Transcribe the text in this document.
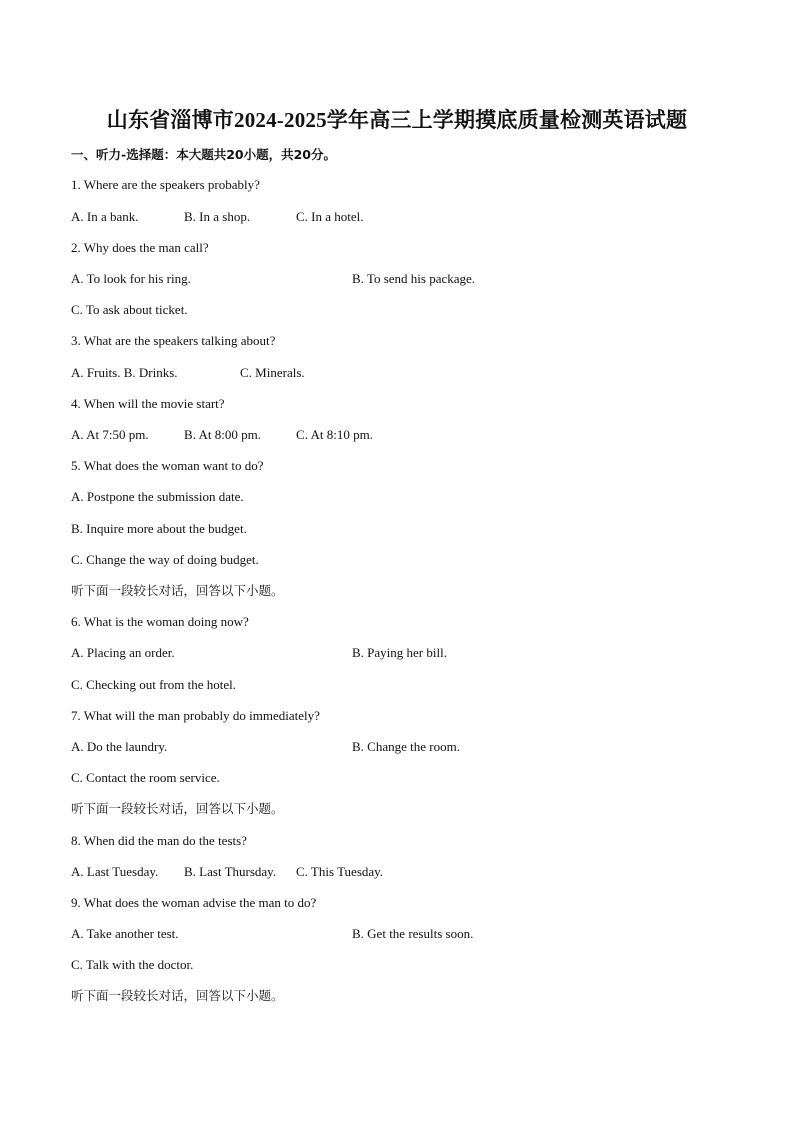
山东省淄博市2024-2025学年高三上学期摸底质量检测英语试题
一、听力-选择题：本大题共20小题，共20分。
1. Where are the speakers probably?
A. In a bank.	B. In a shop.	C. In a hotel.
2. Why does the man call?
A. To look for his ring.	B. To send his package.
C. To ask about ticket.
3. What are the speakers talking about?
A. Fruits. B. Drinks.	C. Minerals.
4. When will the movie start?
A. At 7:50 pm.	B. At 8:00 pm.	C. At 8:10 pm.
5. What does the woman want to do?
A. Postpone the submission date.
B. Inquire more about the budget.
C. Change the way of doing budget.
听下面一段较长对话，回答以下小题。
6. What is the woman doing now?
A. Placing an order.	B. Paying her bill.
C. Checking out from the hotel.
7. What will the man probably do immediately?
A. Do the laundry.	B. Change the room.
C. Contact the room service.
听下面一段较长对话，回答以下小题。
8. When did the man do the tests?
A. Last Tuesday. B. Last Thursday. C. This Tuesday.
9. What does the woman advise the man to do?
A. Take another test.	B. Get the results soon.
C. Talk with the doctor.
听下面一段较长对话，回答以下小题。
